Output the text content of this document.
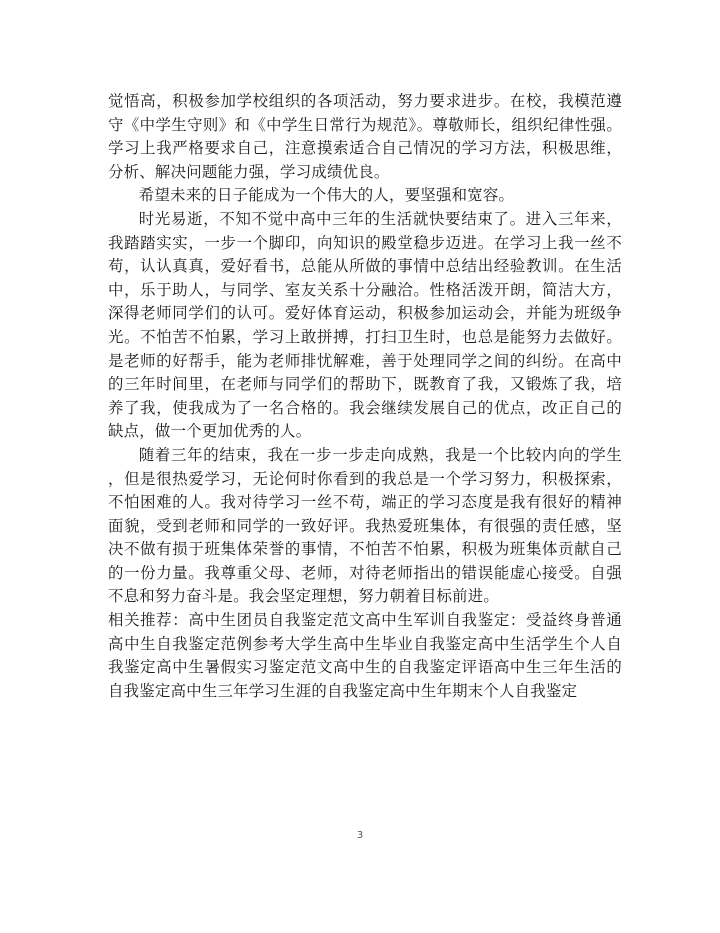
觉悟高，积极参加学校组织的各项活动，努力要求进步。在校，我模范遵守《中学生守则》和《中学生日常行为规范》。尊敬师长，组织纪律性强。学习上我严格要求自己，注意摸索适合自己情况的学习方法，积极思维，分析、解决问题能力强，学习成绩优良。

希望未来的日子能成为一个伟大的人，要坚强和宽容。

时光易逝，不知不觉中高中三年的生活就快要结束了。进入三年来，我踏踏实实，一步一个脚印，向知识的殿堂稳步迈进。在学习上我一丝不苟，认认真真，爱好看书，总能从所做的事情中总结出经验教训。在生活中，乐于助人，与同学、室友关系十分融洽。性格活泼开朗，简洁大方，深得老师同学们的认可。爱好体育运动，积极参加运动会，并能为班级争光。不怕苦不怕累，学习上敢拼搏，打扫卫生时，也总是能努力去做好。是老师的好帮手，能为老师排忧解难，善于处理同学之间的纠纷。在高中的三年时间里，在老师与同学们的帮助下，既教育了我，又锻炼了我，培养了我，使我成为了一名合格的。我会继续发展自己的优点，改正自己的缺点，做一个更加优秀的人。

随着三年的结束，我在一步一步走向成熟，我是一个比较内向的学生，但是很热爱学习，无论何时你看到的我总是一个学习努力，积极探索，不怕困难的人。我对待学习一丝不苟，端正的学习态度是我有很好的精神面貌，受到老师和同学的一致好评。我热爱班集体，有很强的责任感，坚决不做有损于班集体荣誉的事情，不怕苦不怕累，积极为班集体贡献自己的一份力量。我尊重父母、老师，对待老师指出的错误能虚心接受。自强不息和努力奋斗是。我会坚定理想，努力朝着目标前进。

相关推荐：高中生团员自我鉴定范文高中生军训自我鉴定：受益终身普通高中生自我鉴定范例参考大学生高中生毕业自我鉴定高中生活学生个人自我鉴定高中生暑假实习鉴定范文高中生的自我鉴定评语高中生三年生活的自我鉴定高中生三年学习生涯的自我鉴定高中生年期末个人自我鉴定

3
